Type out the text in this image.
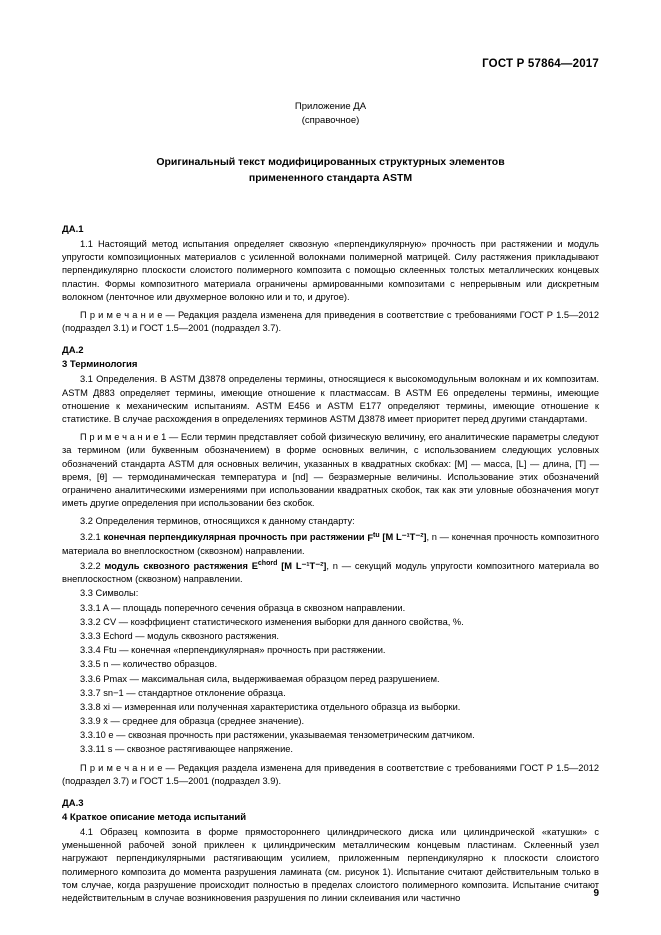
ГОСТ Р 57864—2017
Приложение ДА
(справочное)
Оригинальный текст модифицированных структурных элементов
примененного стандарта ASTM
ДА.1

1.1 Настоящий метод испытания определяет сквозную «перпендикулярную» прочность при растяжении и модуль упругости композиционных материалов с усиленной волокнами полимерной матрицей. Силу растяжения прикладывают перпендикулярно плоскости слоистого полимерного композита с помощью склеенных толстых металлических концевых пластин. Формы композитного материала ограничены армированными композитами с непрерывным или дискретным волокном (ленточное или двухмерное волокно или и то, и другое).

П р и м е ч а н и е — Редакция раздела изменена для приведения в соответствие с требованиями ГОСТ Р 1.5—2012 (подраздел 3.1) и ГОСТ 1.5—2001 (подраздел 3.7).

ДА.2
3 Терминология

3.1 Определения. В ASTM Д3878 определены термины, относящиеся к высокомодульным волокнам и их композитам. ASTM Д883 определяет термины, имеющие отношение к пластмассам. В ASTM Е6 определены термины, имеющие отношение к механическим испытаниям. ASTM Е456 и ASTM Е177 определяют термины, имеющие отношение к статистике. В случае расхождения в определениях терминов ASTM Д3878 имеет приоритет перед другими стандартами.

П р и м е ч а н и е 1 — Если термин представляет собой физическую величину, его аналитические параметры следуют за термином (или буквенным обозначением) в форме основных величин, с использованием следующих условных обозначений стандарта ASTM для основных величин, указанных в квадратных скобках: [M] — масса, [L] — длина, [Т] — время, [θ] — термодинамическая температура и [nd] — безразмерные величины. Использование этих обозначений ограничено аналитическими измерениями при использовании квадратных скобок, так как эти уловные обозначения могут иметь другие определения при использовании без скобок.

3.2 Определения терминов, относящихся к данному стандарту:

3.2.1 конечная перпендикулярная прочность при растяжении $F^{tu}$ [M L⁻¹T⁻²], n — конечная прочность композитного материала во внеплоскостном (сквозном) направлении.

3.2.2 модуль сквозного растяжения $E^{chord}$ [M L⁻¹T⁻²], n — секущий модуль упругости композитного материала во внеплоскостном (сквозном) направлении.

3.3 Символы:

3.3.1 A — площадь поперечного сечения образца в сквозном направлении.

3.3.2 CV — коэффициент статистического изменения выборки для данного свойства, %.

3.3.3 Echord — модуль сквозного растяжения.

3.3.4 Ftu — конечная «перпендикулярная» прочность при растяжении.

3.3.5 n — количество образцов.

3.3.6 Pmax — максимальная сила, выдерживаемая образцом перед разрушением.

3.3.7 sn−1 — стандартное отклонение образца.

3.3.8 xi — измеренная или полученная характеристика отдельного образца из выборки.

3.3.9 x̄ — среднее для образца (среднее значение).

3.3.10 e — сквозная прочность при растяжении, указываемая тензометрическим датчиком.

3.3.11 s — сквозное растягивающее напряжение.

П р и м е ч а н и е — Редакция раздела изменена для приведения в соответствие с требованиями ГОСТ Р 1.5—2012 (подраздел 3.7) и ГОСТ 1.5—2001 (подраздел 3.9).

ДА.3
4 Краткое описание метода испытаний

4.1 Образец композита в форме прямостороннего цилиндрического диска или цилиндрической «катушки» с уменьшенной рабочей зоной приклеен к цилиндрическим металлическим концевым пластинам. Склеенный узел нагружают перпендикулярными растягивающим усилием, приложенным перпендикулярно к плоскости слоистого полимерного композита до момента разрушения ламината (см. рисунок 1). Испытание считают действительным только в том случае, когда разрушение происходит полностью в пределах слоистого полимерного композита. Испытание считают недействительным в случае возникновения разрушения по линии склеивания или частично	9
